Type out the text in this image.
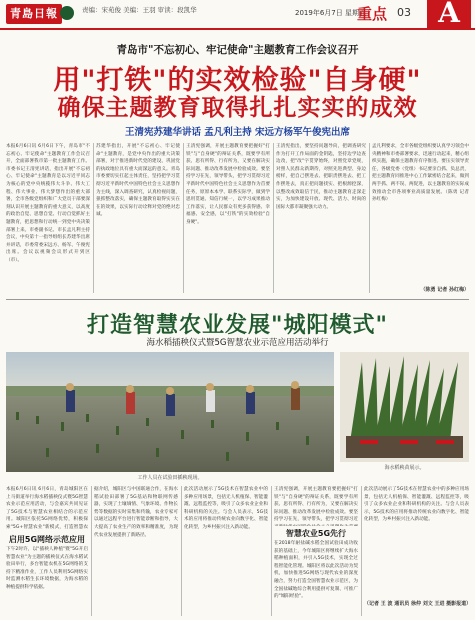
青島日報	责编：宋苑俊 美编：王羽 审读：段凯华	2019年6月7日 星期五
重点 03 A
青岛市"不忘初心、牢记使命"主题教育工作会议召开
用"打铁"的实效检验"自身硬"
确保主题教育取得扎扎实实的成效
王清宪苏建华讲话 孟凡利主持 宋远方杨军午俊宪出席
本报6月6日讯 6月6日下午，青岛市"不忘初心、牢记使命"主题教育工作会议召开，全面部署我市第一批主题教育工作。市委书记王清宪讲话，指出开展"不忘初心、牢记使命"主题教育是以习近平同志为核心的党中央统揽伟大斗争、伟大工程、伟大事业、伟大梦想作出的重大部署，全市各级党组织和广大党员干部要深刻认识开展主题教育的重大意义，以高度的政治自觉、思想自觉、行动自觉抓好主题教育，把思想和行动统一到党中央决策部署上来。市委副书记、市长孟凡利主持会议，中央第十一指导组组长苏建华出席并讲话，市委常委宋远方、杨军、午俊宪出席。会议以视频会议形式开到区（市）。
苏建华指出，开展"不忘初心、牢记使命"主题教育，是党中央作出的重大决策部署，对于推进新时代党的建设、巩固党的执政地位具有重大而深远的意义。青岛市委要切实扛起主体责任，坚持把学习贯彻习近平新时代中国特色社会主义思想作为主线，深入调查研究，认真检视问题，狠抓整改落实，确保主题教育取得实实在在的效果，以实际行动诠释对党的绝对忠诚。
王清宪强调，开展主题教育要把握好"打铁"与"自身硬"的辩证关系，既要学有所获、思有所得、行有所为，又要在解决实际问题、推动改革发展中检验成效。要坚持学习在先，领导带头，把学习贯彻习近平新时代中国特色社会主义思想作为首要任务，原原本本学、联系实际学，做到学思用贯通、知信行统一，以学习成果推动工作落实，让人民群众有更多获得感、幸福感、安全感，以"打铁"的实效检验"自身硬"。
王清宪指出，要坚持问题导向，把调查研究作为打开工作局面的金钥匙，坚持边学边查边改，把"改"字贯穿始终，对照党章党规，对照人民群众新期待，对照先进典型、身边榜样，把自己摆进去、把职责摆进去、把工作摆进去，真正把问题找实、把根源挖深，以整改成效取信于民，推动主题教育走深走实，为加快建设开放、现代、活力、时尚的国际大都市凝聚强大动力。
孟凡利要求，全市各级党组织要认真学习领会中央精神和市委部署要求，迅速行动起来，精心组织实施，确保主题教育有序推进。要压实领导责任，各级党委（党组）书记要亲自抓、负总责，把主题教育同推进中心工作紧密结合起来，做到两手抓、两不误、两促进，以主题教育的实际成效推动全市各项事业高质量发展。（陈勇 记者 孙红梅）
（陈勇 记者 孙红梅）
打造智慧农业发展"城阳模式"
海水稻插秧仪式暨5G智慧农业示范应用活动举行
工作人员在试验田插秧现场。
海水稻秧苗展示。
本报6月6日讯 6月6日，青岛城阳区在上马街道举行海水稻插秧仪式暨5G智慧农业示范应用活动，与会嘉宾共同见证了5G技术与智慧农业相结合的示范应用。城阳区依托5G网络优势，积极探索"5G+智慧农业"新模式，打造智慧农
启用5G网络示范应用
下午2时许，以"插秧人种植"暨"5G开启智慧农业"为主题的插秧仪式在海水稻试验田举行，多台智能农机在5G网络的支持下精准作业，工作人员利用5G网络实时监测水稻生长环境数据，为海水稻的种植提供科学依据。
据介绍，城阳区与中国联通合作，在海水稻试验田部署了5G基站和物联网传感器，实现了土壤墒情、气象环境、作物长势等数据的实时采集和传输，农业专家可以通过远程平台进行智能诊断和指导，大大提高了农业生产的效率和精准度，为现代农业发展提供了新路径。
此次活动展示了5G技术在智慧农业中的多种应用场景，包括无人机植保、智能灌溉、远程监控等，吸引了众多农业企业和科研机构的关注。与会人员表示，5G技术的应用将推动传统农业向数字化、智能化转型，为乡村振兴注入新动能。
智慧农业5G先行
在2018年耐盐碱水稻全国试验田成功收获的基础上，今年城阳区将继续扩大海水稻种植面积，并引入5G技术，实现全过程智能化管理。城阳区将以此次活动为契机，加快推进5G网络与现代农业的深度融合，努力打造全国智慧农业示范区，为全国盐碱地综合利用提供可复制、可推广的"城阳经验"。
王清宪强调，开展主题教育要把握好"打铁"与"自身硬"的辩证关系，既要学有所获、思有所得、行有所为，又要在解决实际问题、推动改革发展中检验成效。要坚持学习在先，领导带头，把学习贯彻习近
此次活动展示了5G技术在智慧农业中的多种应用场景，包括无人机植保、智能灌溉、远程监控等，吸引了众多农业企业和科研机构的关注。与会人员表示，5G技术的应用将推动传统农业向数字化、智能化转型，为乡村振兴注入新动能。
（记者 王 波 通讯员 徐仲 刘文 王进 摄影报道）
